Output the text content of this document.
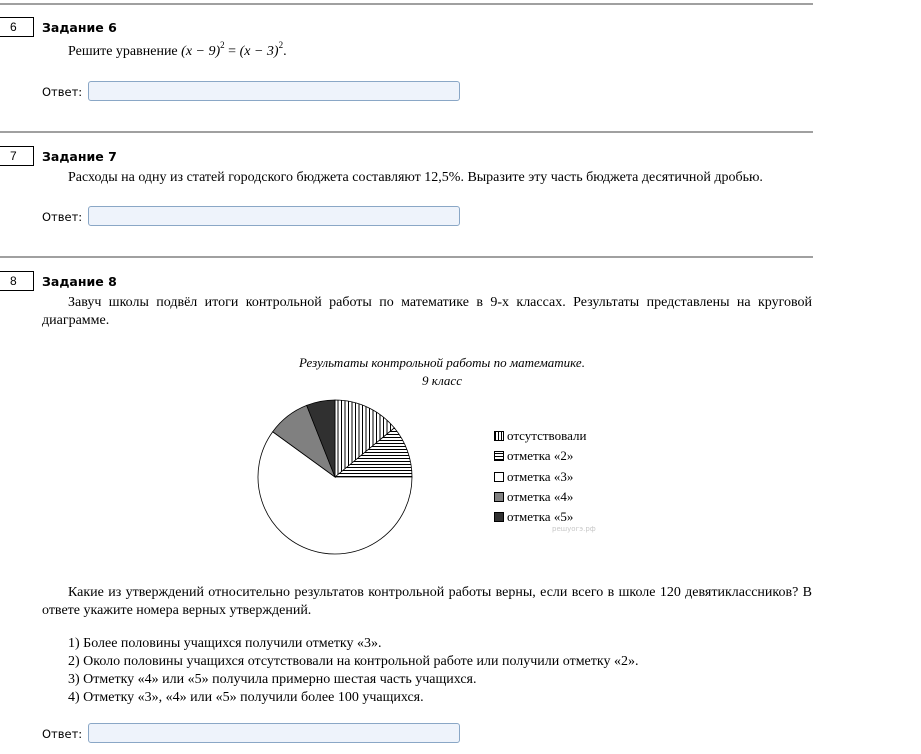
6	Задание 6
Решите уравнение $(x - 9)^2 = (x - 3)^2$.
Ответ:
7	Задание 7
Расходы на одну из статей городского бюджета составляют 12,5%. Выразите эту часть бюджета десятичной дробью.
Ответ:
8	Задание 8
Завуч школы подвёл итоги контрольной работы по математике в 9-х классах. Результаты представлены на круговой диаграмме.
Результаты контрольной работы по математике.
9 класс
отсутствовали
отметка «2»
отметка «3»
отметка «4»
отметка «5»
решуогэ.рф
Какие из утверждений относительно результатов контрольной работы верны, если всего в школе 120 девятиклассников? В ответе укажите номера верных утверждений.
1) Более половины учащихся получили отметку «3».
2) Около половины учащихся отсутствовали на контрольной работе или получили отметку «2».
3) Отметку «4» или «5» получила примерно шестая часть учащихся.
4) Отметку «3», «4» или «5» получили более 100 учащихся.
Ответ:
